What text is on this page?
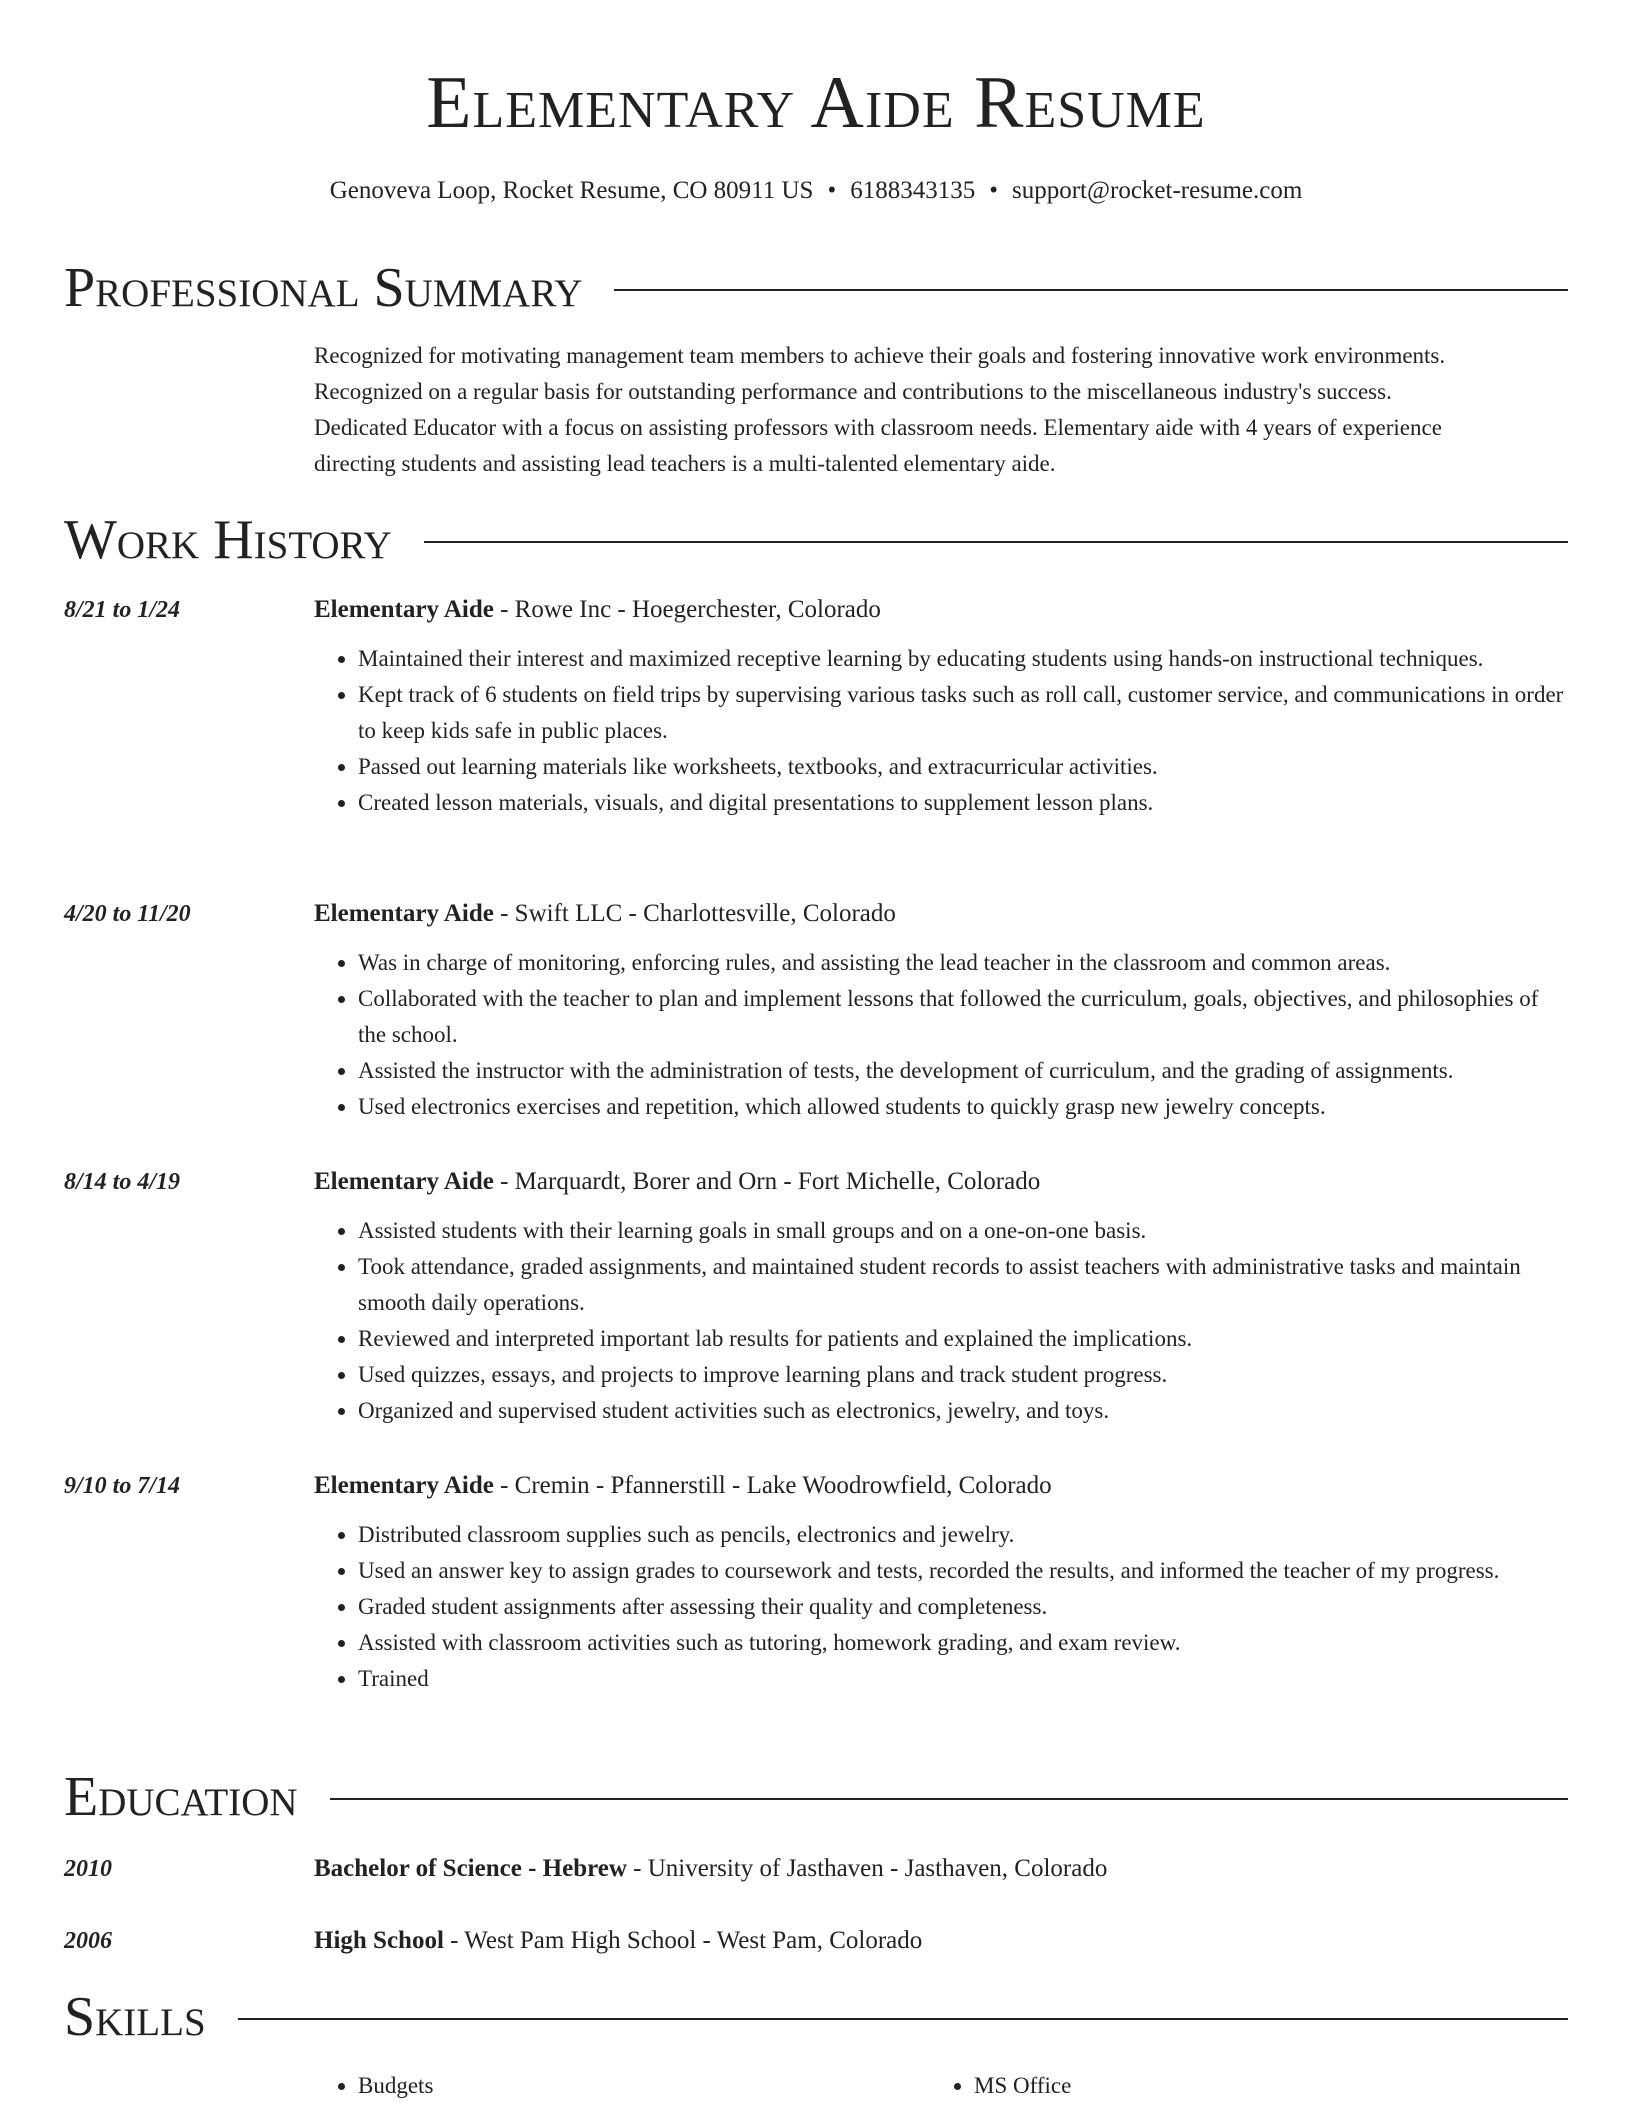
Elementary Aide Resume
Genoveva Loop, Rocket Resume, CO 80911 US • 6188343135 • support@rocket-resume.com
Professional Summary

Recognized for motivating management team members to achieve their goals and fostering innovative work environments.

Recognized on a regular basis for outstanding performance and contributions to the miscellaneous industry's success.

Dedicated Educator with a focus on assisting professors with classroom needs. Elementary aide with 4 years of experience

directing students and assisting lead teachers is a multi-talented elementary aide.

Work History
8/21 to 1/24	Elementary Aide - Rowe Inc - Hoegerchester, Colorado

• Maintained their interest and maximized receptive learning by educating students using hands-on instructional techniques.
• Kept track of 6 students on field trips by supervising various tasks such as roll call, customer service, and communications in order to keep kids safe in public places.
• Passed out learning materials like worksheets, textbooks, and extracurricular activities.
• Created lesson materials, visuals, and digital presentations to supplement lesson plans.
4/20 to 11/20	Elementary Aide - Swift LLC - Charlottesville, Colorado

• Was in charge of monitoring, enforcing rules, and assisting the lead teacher in the classroom and common areas.
• Collaborated with the teacher to plan and implement lessons that followed the curriculum, goals, objectives, and philosophies of the school.
• Assisted the instructor with the administration of tests, the development of curriculum, and the grading of assignments.
• Used electronics exercises and repetition, which allowed students to quickly grasp new jewelry concepts.
8/14 to 4/19	Elementary Aide - Marquardt, Borer and Orn - Fort Michelle, Colorado

• Assisted students with their learning goals in small groups and on a one-on-one basis.
• Took attendance, graded assignments, and maintained student records to assist teachers with administrative tasks and maintain smooth daily operations.
• Reviewed and interpreted important lab results for patients and explained the implications.
• Used quizzes, essays, and projects to improve learning plans and track student progress.
• Organized and supervised student activities such as electronics, jewelry, and toys.
9/10 to 7/14	Elementary Aide - Cremin - Pfannerstill - Lake Woodrowfield, Colorado

• Distributed classroom supplies such as pencils, electronics and jewelry.
• Used an answer key to assign grades to coursework and tests, recorded the results, and informed the teacher of my progress.
• Graded student assignments after assessing their quality and completeness.
• Assisted with classroom activities such as tutoring, homework grading, and exam review.
• Trained
Education
2010	Bachelor of Science - Hebrew - University of Jasthaven - Jasthaven, Colorado

2006	High School - West Pam High School - West Pam, Colorado

Skills
• Budgets
•	MS Office
